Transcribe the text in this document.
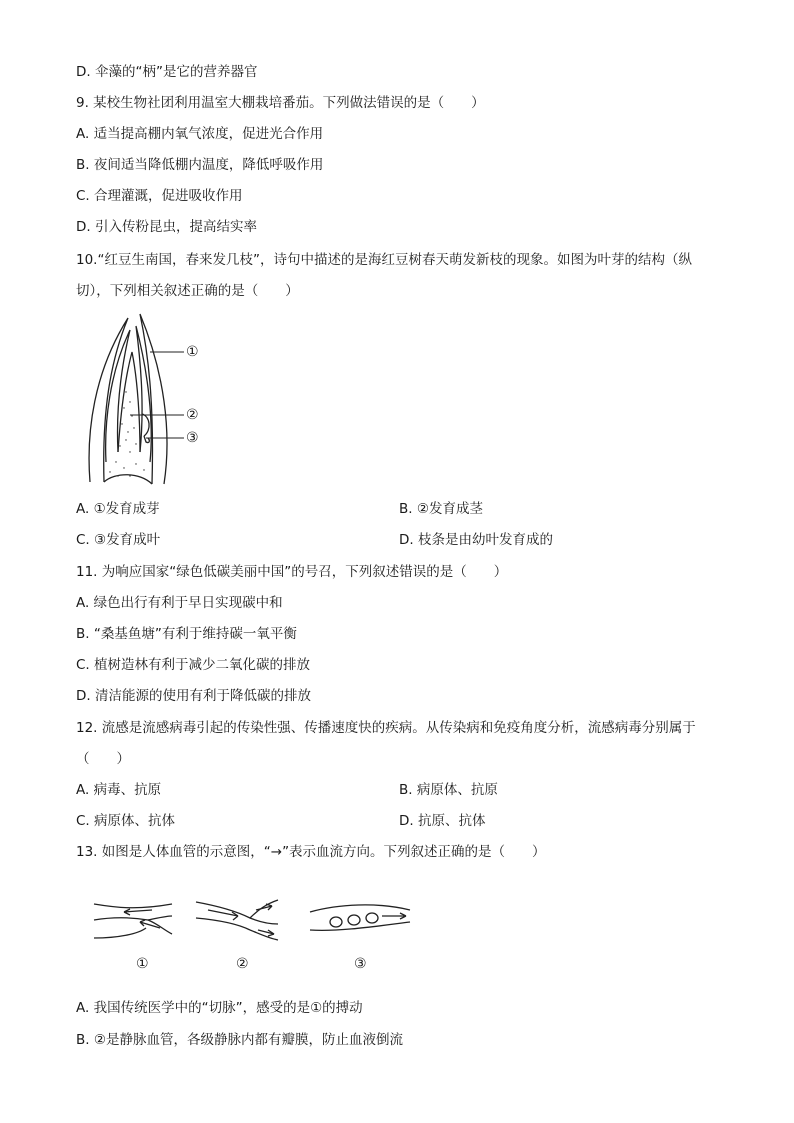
D. 伞藻的“柄”是它的营养器官
9. 某校生物社团利用温室大棚栽培番茄。下列做法错误的是（　　）
A. 适当提高棚内氧气浓度，促进光合作用
B. 夜间适当降低棚内温度，降低呼吸作用
C. 合理灌溉，促进吸收作用
D. 引入传粉昆虫，提高结实率
10.“红豆生南国，春来发几枝”，诗句中描述的是海红豆树春天萌发新枝的现象。如图为叶芽的结构（纵
切），下列相关叙述正确的是（　　）
①
②
③
A. ①发育成芽	B. ②发育成茎
C. ③发育成叶	D. 枝条是由幼叶发育成的
11. 为响应国家“绿色低碳美丽中国”的号召，下列叙述错误的是（　　）
A. 绿色出行有利于早日实现碳中和
B. “桑基鱼塘”有利于维持碳一氧平衡
C. 植树造林有利于减少二氧化碳的排放
D. 清洁能源的使用有利于降低碳的排放
12. 流感是流感病毒引起的传染性强、传播速度快的疾病。从传染病和免疫角度分析，流感病毒分别属于
（　　）
A. 病毒、抗原	B. 病原体、抗原
C. 病原体、抗体	D. 抗原、抗体
13. 如图是人体血管的示意图，“→”表示血流方向。下列叙述正确的是（　　）
①	②	③
A. 我国传统医学中的“切脉”，感受的是①的搏动
B. ②是静脉血管，各级静脉内都有瓣膜，防止血液倒流
